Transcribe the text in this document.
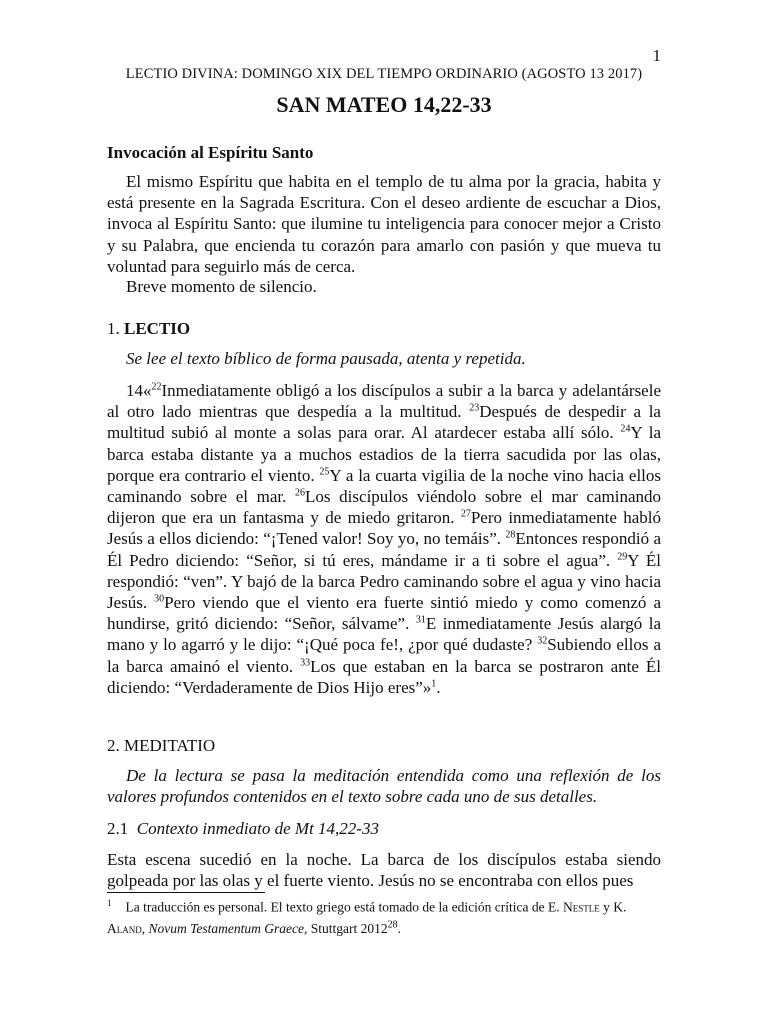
1
LECTIO DIVINA: DOMINGO XIX DEL TIEMPO ORDINARIO (AGOSTO 13 2017)
SAN MATEO 14,22-33
Invocación al Espíritu Santo
El mismo Espíritu que habita en el templo de tu alma por la gracia, habita y está presente en la Sagrada Escritura. Con el deseo ardiente de escuchar a Dios, invoca al Espíritu Santo: que ilumine tu inteligencia para conocer mejor a Cristo y su Palabra, que encienda tu corazón para amarlo con pasión y que mueva tu voluntad para seguirlo más de cerca.
Breve momento de silencio.
1. LECTIO
Se lee el texto bíblico de forma pausada, atenta y repetida.
14«$^{22}$Inmediatamente obligó a los discípulos a subir a la barca y adelantársele al otro lado mientras que despedía a la multitud. $^{23}$Después de despedir a la multitud subió al monte a solas para orar. Al atardecer estaba allí sólo. $^{24}$Y la barca estaba distante ya a muchos estadios de la tierra sacudida por las olas, porque era contrario el viento. $^{25}$Y a la cuarta vigilia de la noche vino hacia ellos caminando sobre el mar. $^{26}$Los discípulos viéndolo sobre el mar caminando dijeron que era un fantasma y de miedo gritaron. $^{27}$Pero inmediatamente habló Jesús a ellos diciendo: “¡Tened valor! Soy yo, no temáis”. $^{28}$Entonces respondió a Él Pedro diciendo: “Señor, si tú eres, mándame ir a ti sobre el agua”. $^{29}$Y Él respondió: “ven”. Y bajó de la barca Pedro caminando sobre el agua y vino hacia Jesús. $^{30}$Pero viendo que el viento era fuerte sintió miedo y como comenzó a hundirse, gritó diciendo: “Señor, sálvame”. $^{31}$E inmediatamente Jesús alargó la mano y lo agarró y le dijo: “¡Qué poca fe!, ¿por qué dudaste? $^{32}$Subiendo ellos a la barca amainó el viento. $^{33}$Los que estaban en la barca se postraron ante Él diciendo: “Verdaderamente de Dios Hijo eres”»$^1$.
2. MEDITATIO
De la lectura se pasa la meditación entendida como una reflexión de los valores profundos contenidos en el texto sobre cada uno de sus detalles.
2.1 Contexto inmediato de Mt 14,22-33
Esta escena sucedió en la noche. La barca de los discípulos estaba siendo golpeada por las olas y el fuerte viento. Jesús no se encontraba con ellos pues
$^1$ La traducción es personal. El texto griego está tomado de la edición crítica de E. Nestle y K. Aland, Novum Testamentum Graece, Stuttgart 2012$^{28}$.
